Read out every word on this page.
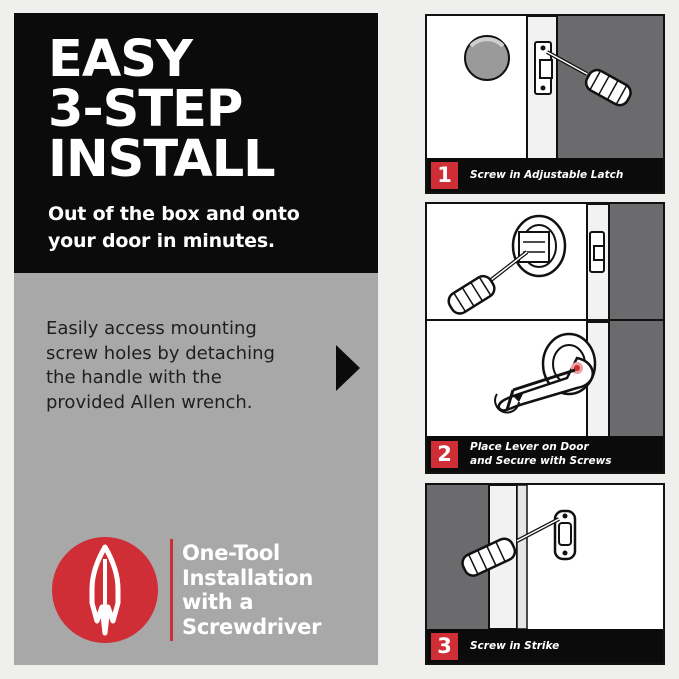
EASY
3-STEP
INSTALL
Out of the box and onto
your door in minutes.
Easily access mounting
screw holes by detaching
the handle with the
provided Allen wrench.
One-Tool
Installation
with a
Screwdriver
1	Screw in Adjustable Latch
2	Place Lever on Door
and Secure with Screws
3	Screw in Strike
